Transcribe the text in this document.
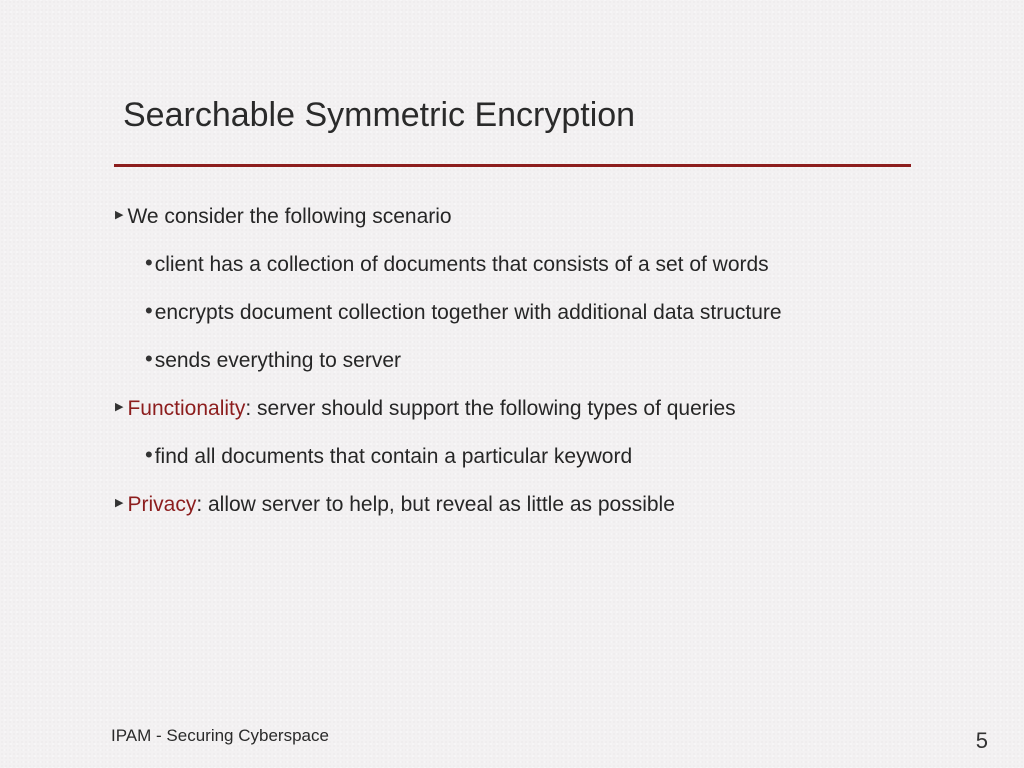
Searchable Symmetric Encryption

▶ We consider the following scenario

•client has a collection of documents that consists of a set of words

•encrypts document collection together with additional data structure

•sends everything to server

▶ Functionality: server should support the following types of queries

•find all documents that contain a particular keyword

▶ Privacy: allow server to help, but reveal as little as possible

IPAM - Securing Cyberspace	5
